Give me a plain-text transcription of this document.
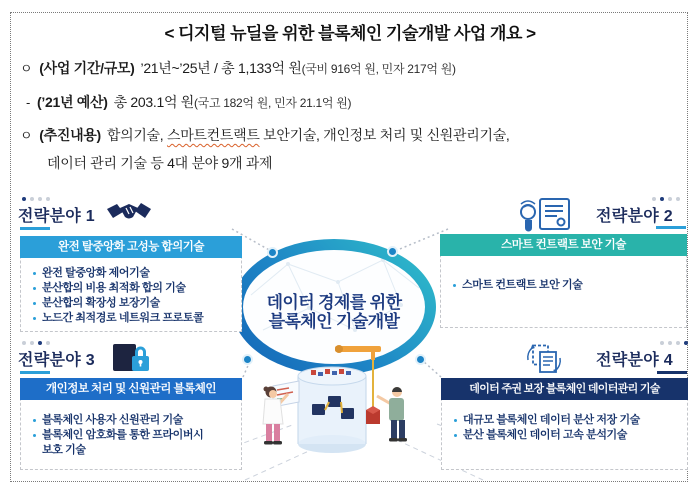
< 디지털 뉴딜을 위한 블록체인 기술개발 사업 개요 >
ㅇ (사업 기간/규모) ’21년~’25년 / 총 1,133억 원(국비 916억 원, 민자 217억 원)
- (’21년 예산) 총 203.1억 원(국고 182억 원, 민자 21.1억 원)
ㅇ (추진내용) 합의기술, 스마트컨트랙트 보안기술, 개인정보 처리 및 신원관리기술,
데이터 관리 기술 등 4대 분야 9개 과제
전략분야 1
완전 탈중앙화 고성능 합의기술
완전 탈중앙화 제어기술
분산합의 비용 최적화 합의 기술
분산합의 확장성 보장기술
노드간 최적경로 네트워크 프로토콜
전략분야 2
스마트 컨트랙트 보안 기술
스마트 컨트랙트 보안 기술
전략분야 3
개인정보 처리 및 신원관리 블록체인
블록체인 사용자 신원관리 기술
블록체인 암호화를 통한 프라이버시 보호 기술
전략분야 4
데이터 주권 보장 블록체인 데이터관리 기술
대규모 블록체인 데이터 분산 저장 기술
분산 블록체인 데이터 고속 분석기술
데이터 경제를 위한
블록체인 기술개발
